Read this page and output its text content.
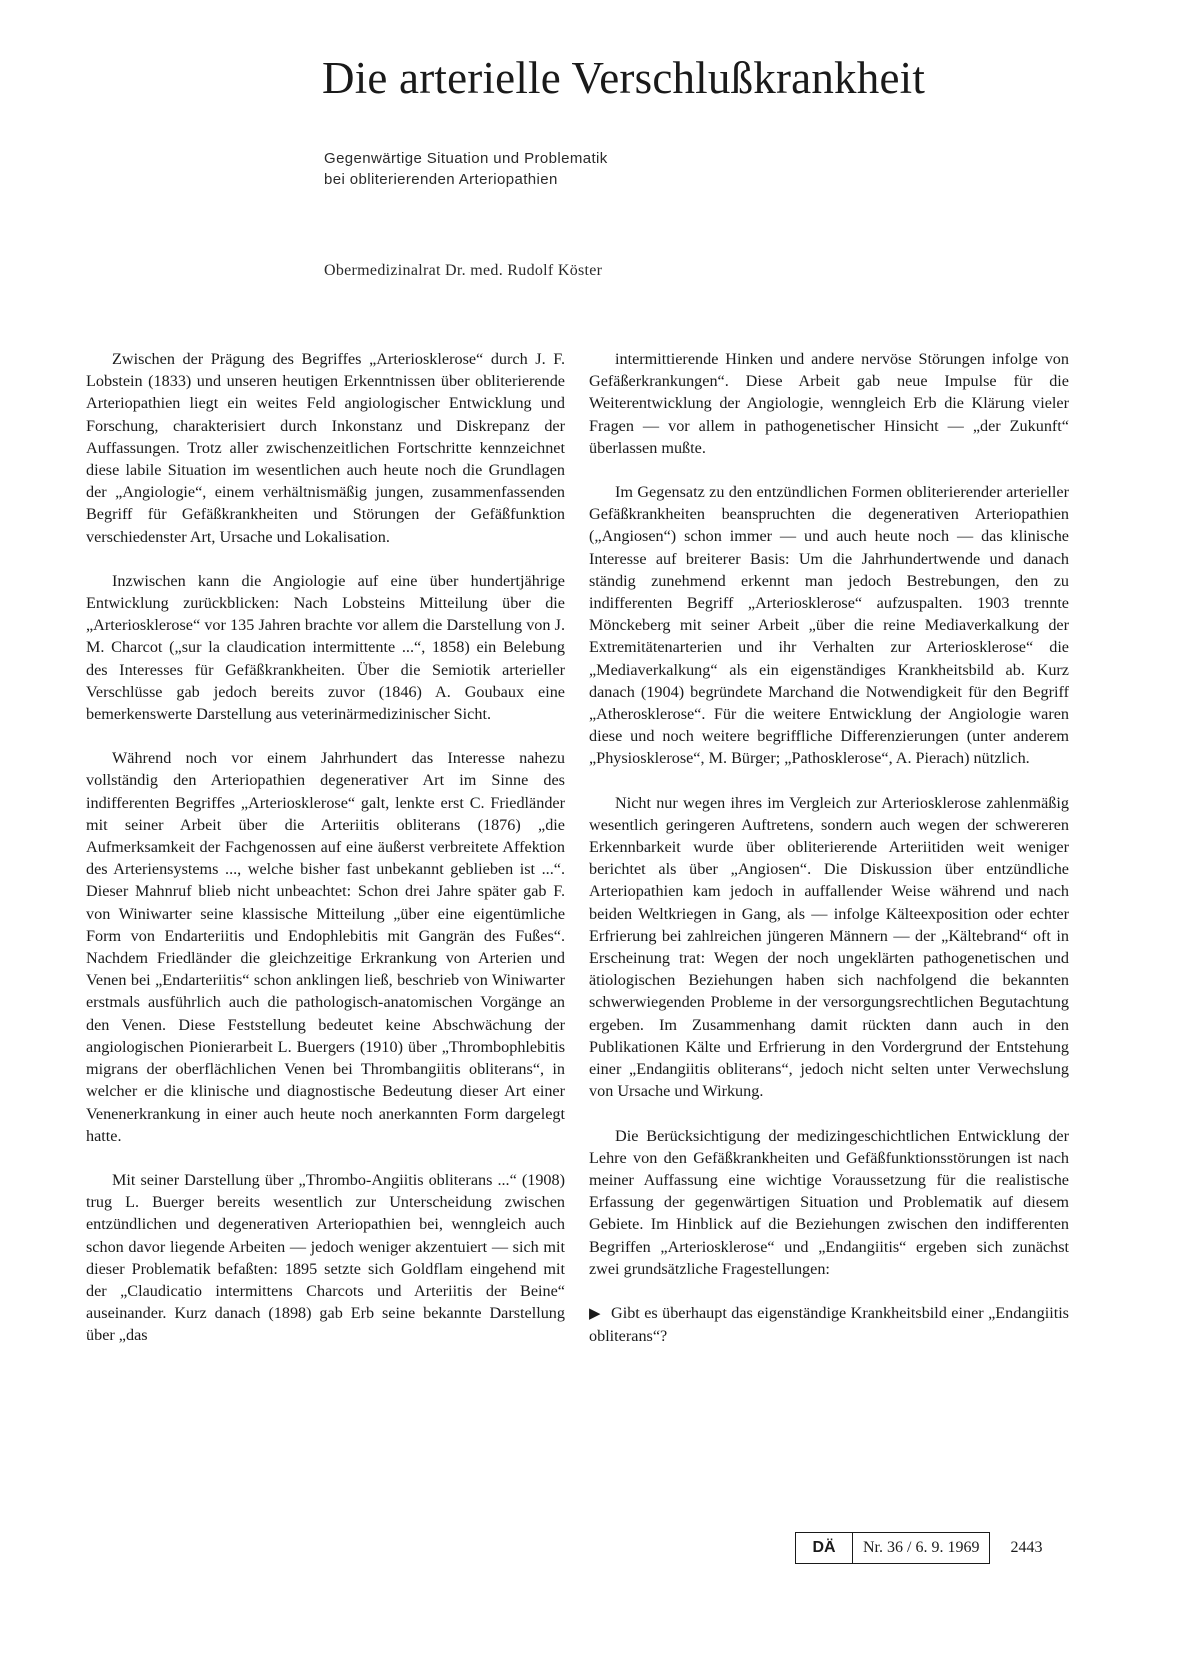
Die arterielle Verschlußkrankheit
Gegenwärtige Situation und Problematik
bei obliterierenden Arteriopathien
Obermedizinalrat Dr. med. Rudolf Köster

Zwischen der Prägung des Begriffes „Arteriosklerose“ durch J. F. Lobstein (1833) und unseren heutigen Erkenntnissen über obliterierende Arteriopathien liegt ein weites Feld angiologischer Entwicklung und Forschung, charakterisiert durch Inkonstanz und Diskrepanz der Auffassungen. Trotz aller zwischenzeitlichen Fortschritte kennzeichnet diese labile Situation im wesentlichen auch heute noch die Grundlagen der „Angiologie“, einem verhältnismäßig jungen, zusammenfassenden Begriff für Gefäßkrankheiten und Störungen der Gefäßfunktion verschiedenster Art, Ursache und Lokalisation.

Inzwischen kann die Angiologie auf eine über hundertjährige Entwicklung zurückblicken: Nach Lobsteins Mitteilung über die „Arteriosklerose“ vor 135 Jahren brachte vor allem die Darstellung von J. M. Charcot („sur la claudication intermittente ...“, 1858) ein Belebung des Interesses für Gefäßkrankheiten. Über die Semiotik arterieller Verschlüsse gab jedoch bereits zuvor (1846) A. Goubaux eine bemerkenswerte Darstellung aus veterinärmedizinischer Sicht.

Während noch vor einem Jahrhundert das Interesse nahezu vollständig den Arteriopathien degenerativer Art im Sinne des indifferenten Begriffes „Arteriosklerose“ galt, lenkte erst C. Friedländer mit seiner Arbeit über die Arteriitis obliterans (1876) „die Aufmerksamkeit der Fachgenossen auf eine äußerst verbreitete Affektion des Arteriensystems ..., welche bisher fast unbekannt geblieben ist ...“. Dieser Mahnruf blieb nicht unbeachtet: Schon drei Jahre später gab F. von Winiwarter seine klassische Mitteilung „über eine eigentümliche Form von Endarteriitis und Endophlebitis mit Gangrän des Fußes“. Nachdem Friedländer die gleichzeitige Erkrankung von Arterien und Venen bei „Endarteriitis“ schon anklingen ließ, beschrieb von Winiwarter erstmals ausführlich auch die pathologisch-anatomischen Vorgänge an den Venen. Diese Feststellung bedeutet keine Abschwächung der angiologischen Pionierarbeit L. Buergers (1910) über „Thrombophlebitis migrans der oberflächlichen Venen bei Thrombangiitis obliterans“, in welcher er die klinische und diagnostische Bedeutung dieser Art einer Venenerkrankung in einer auch heute noch anerkannten Form dargelegt hatte.

Mit seiner Darstellung über „Thrombo-Angiitis obliterans ...“ (1908) trug L. Buerger bereits wesentlich zur Unterscheidung zwischen entzündlichen und degenerativen Arteriopathien bei, wenngleich auch schon davor liegende Arbeiten — jedoch weniger akzentuiert — sich mit dieser Problematik befaßten: 1895 setzte sich Goldflam eingehend mit der „Claudicatio intermittens Charcots und Arteriitis der Beine“ auseinander. Kurz danach (1898) gab Erb seine bekannte Darstellung über „das

intermittierende Hinken und andere nervöse Störungen infolge von Gefäßerkrankungen“. Diese Arbeit gab neue Impulse für die Weiterentwicklung der Angiologie, wenngleich Erb die Klärung vieler Fragen — vor allem in pathogenetischer Hinsicht — „der Zukunft“ überlassen mußte.

Im Gegensatz zu den entzündlichen Formen obliterierender arterieller Gefäßkrankheiten beanspruchten die degenerativen Arteriopathien („Angiosen“) schon immer — und auch heute noch — das klinische Interesse auf breiterer Basis: Um die Jahrhundertwende und danach ständig zunehmend erkennt man jedoch Bestrebungen, den zu indifferenten Begriff „Arteriosklerose“ aufzuspalten. 1903 trennte Mönckeberg mit seiner Arbeit „über die reine Mediaverkalkung der Extremitätenarterien und ihr Verhalten zur Arteriosklerose“ die „Mediaverkalkung“ als ein eigenständiges Krankheitsbild ab. Kurz danach (1904) begründete Marchand die Notwendigkeit für den Begriff „Atherosklerose“. Für die weitere Entwicklung der Angiologie waren diese und noch weitere begriffliche Differenzierungen (unter anderem „Physiosklerose“, M. Bürger; „Pathosklerose“, A. Pierach) nützlich.

Nicht nur wegen ihres im Vergleich zur Arteriosklerose zahlenmäßig wesentlich geringeren Auftretens, sondern auch wegen der schwereren Erkennbarkeit wurde über obliterierende Arteriitiden weit weniger berichtet als über „Angiosen“. Die Diskussion über entzündliche Arteriopathien kam jedoch in auffallender Weise während und nach beiden Weltkriegen in Gang, als — infolge Kälteexposition oder echter Erfrierung bei zahlreichen jüngeren Männern — der „Kältebrand“ oft in Erscheinung trat: Wegen der noch ungeklärten pathogenetischen und ätiologischen Beziehungen haben sich nachfolgend die bekannten schwerwiegenden Probleme in der versorgungsrechtlichen Begutachtung ergeben. Im Zusammenhang damit rückten dann auch in den Publikationen Kälte und Erfrierung in den Vordergrund der Entstehung einer „Endangiitis obliterans“, jedoch nicht selten unter Verwechslung von Ursache und Wirkung.

Die Berücksichtigung der medizingeschichtlichen Entwicklung der Lehre von den Gefäßkrankheiten und Gefäßfunktionsstörungen ist nach meiner Auffassung eine wichtige Voraussetzung für die realistische Erfassung der gegenwärtigen Situation und Problematik auf diesem Gebiete. Im Hinblick auf die Beziehungen zwischen den indifferenten Begriffen „Arteriosklerose“ und „Endangiitis“ ergeben sich zunächst zwei grundsätzliche Fragestellungen:

▶ Gibt es überhaupt das eigenständige Krankheitsbild einer „Endangiitis obliterans“?

DÄ	Nr. 36 / 6. 9. 1969	2443
